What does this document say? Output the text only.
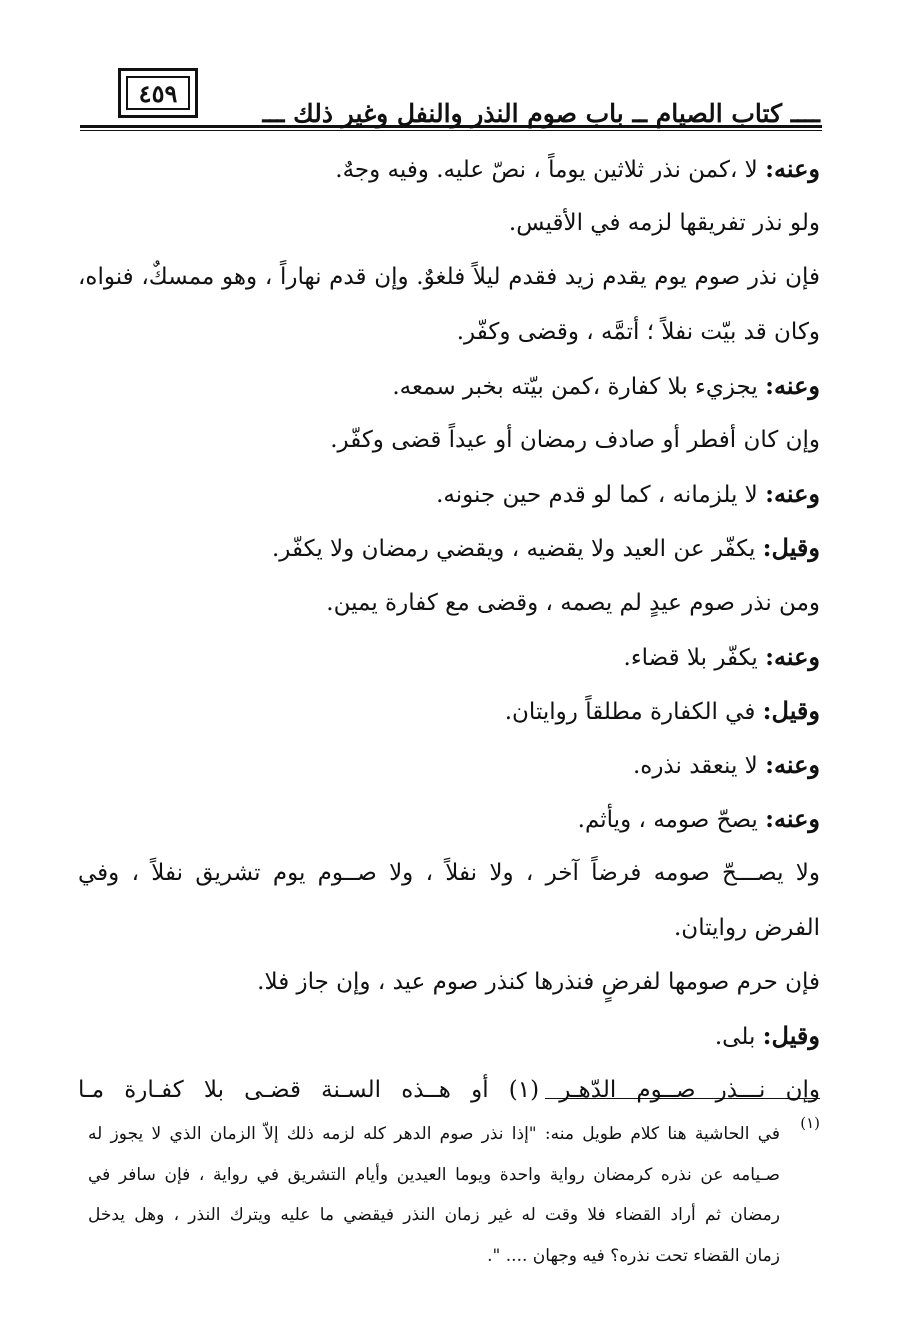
٤٥٩
ــــ كتاب الصيام ــ باب صوم النذر والنفل وغير ذلك ـــ
وعنه: لا ،كمن نذر ثلاثين يوماً ، نصّ عليه. وفيه وجهٌ.
ولو نذر تفريقها لزمه في الأقيس.
فإن نذر صوم يوم يقدم زيد فقدم ليلاً فلغوٌ. وإن قدم نهاراً ، وهو ممسكٌ، فنواه،
وكان قد بيّت نفلاً ؛ أتمَّه ، وقضى وكفّر.
وعنه: يجزيء بلا كفارة ،كمن بيّته بخبر سمعه.
وإن كان أفطر أو صادف رمضان أو عيداً قضى وكفّر.
وعنه: لا يلزمانه ، كما لو قدم حين جنونه.
وقيل: يكفّر عن العيد ولا يقضيه ، ويقضي رمضان ولا يكفّر.
ومن نذر صوم عيدٍ لم يصمه ، وقضى مع كفارة يمين.
وعنه: يكفّر بلا قضاء.
وقيل: في الكفارة مطلقاً روايتان.
وعنه: لا ينعقد نذره.
وعنه: يصحّ صومه ، ويأثم.
ولا يصـــحّ صومه فرضاً آخر ، ولا نفلاً ، ولا صــوم يوم تشريق نفلاً ، وفي
الفرض روايتان.
فإن حرم صومها لفرضٍ فنذرها كنذر صوم عيد ، وإن جاز فلا.
وقيل: بلى.
وإن نـــذر صــوم الدّهـر (١) أو هــذه السـنة قضـى بلا كفـارة مـا
(١)
في الحاشية هنا كلام طويل منه: "إذا نذر صوم الدهر كله لزمه ذلك إلاّ الزمان الذي لا يجوز له
صـيامه عن نذره كرمضان رواية واحدة ويوما العيدين وأيام التشريق في رواية ، فإن سافر في
رمضان ثم أراد القضاء فلا وقت له غير زمان النذر فيقضي ما عليه ويترك النذر ، وهل يدخل
زمان القضاء تحت نذره؟ فيه وجهان .... ".
